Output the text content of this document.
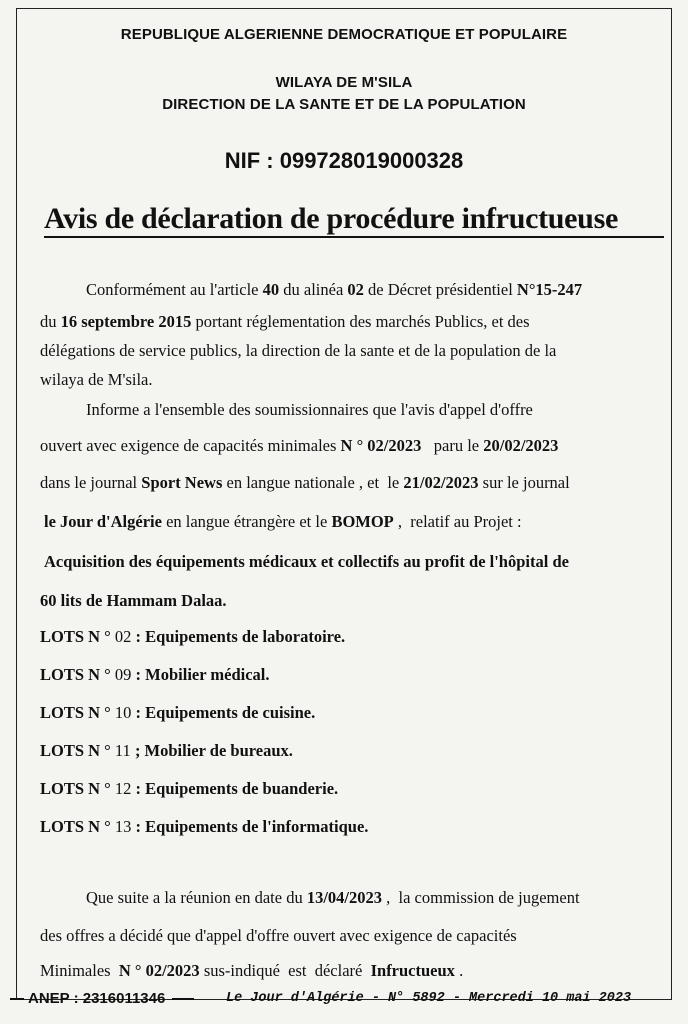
REPUBLIQUE ALGERIENNE DEMOCRATIQUE ET POPULAIRE
WILAYA DE M'SILA
DIRECTION DE LA SANTE ET DE LA POPULATION
NIF : 099728019000328
Avis de déclaration de procédure infructueuse
Conformément au l'article 40 du alinéa 02 de Décret présidentiel N°15-247
du 16 septembre 2015 portant réglementation des marchés Publics, et des
délégations de service publics, la direction de la sante et de la population de la
wilaya de M'sila.
Informe a l'ensemble des soumissionnaires que l'avis d'appel d'offre
ouvert avec exigence de capacités minimales N ° 02/2023   paru le 20/02/2023
dans le journal Sport News en langue nationale , et  le 21/02/2023 sur le journal
le Jour d'Algérie en langue étrangère et le BOMOP ,  relatif au Projet :
Acquisition des équipements médicaux et collectifs au profit de l'hôpital de
60 lits de Hammam Dalaa.
LOTS N ° 02 : Equipements de laboratoire.
LOTS N ° 09 : Mobilier médical.
LOTS N ° 10 : Equipements de cuisine.
LOTS N ° 11 ; Mobilier de bureaux.
LOTS N ° 12 : Equipements de buanderie.
LOTS N ° 13 : Equipements de l'informatique.
Que suite a la réunion en date du 13/04/2023 ,  la commission de jugement
des offres a décidé que d'appel d'offre ouvert avec exigence de capacités
Minimales  N ° 02/2023 sus-indiqué  est  déclaré  Infructueux .
ANEP : 2316011346	Le Jour d'Algérie - N° 5892 - Mercredi 10 mai 2023
